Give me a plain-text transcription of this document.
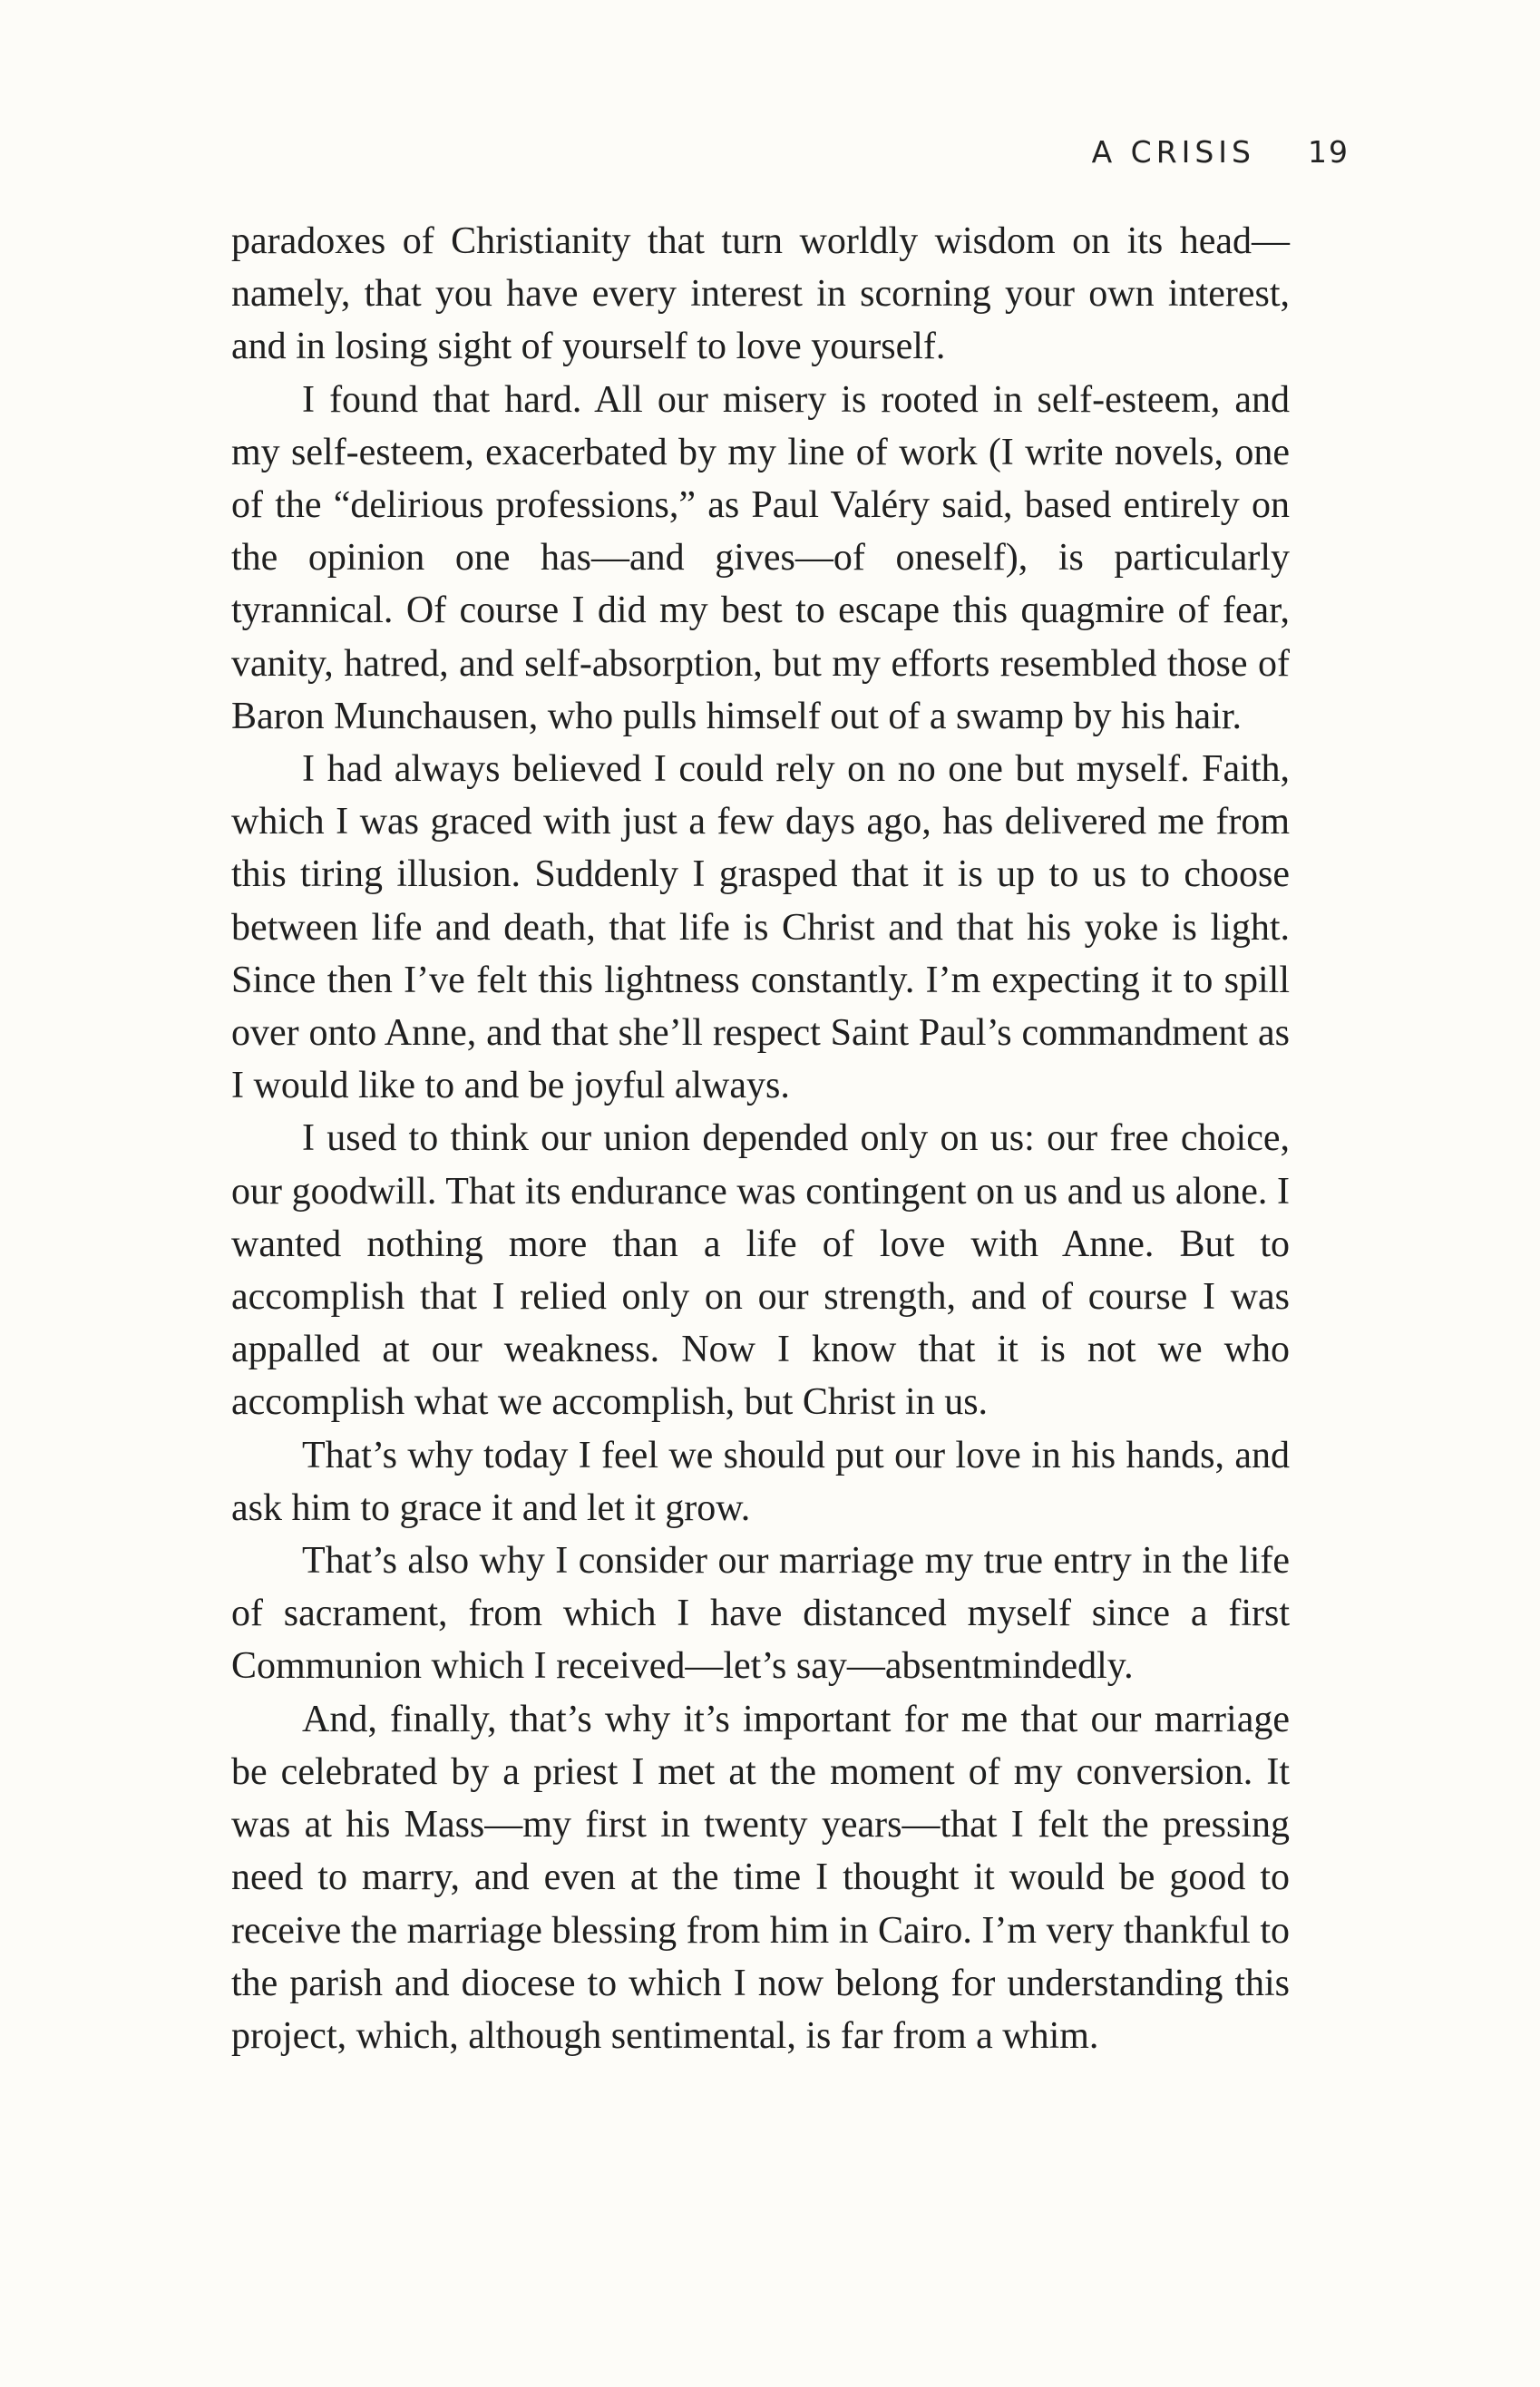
A CRISIS 19

paradoxes of Christianity that turn worldly wisdom on its head—namely, that you have every interest in scorning your own interest, and in losing sight of yourself to love yourself.

I found that hard. All our misery is rooted in self-esteem, and my self-esteem, exacerbated by my line of work (I write novels, one of the “delirious professions,” as Paul Valéry said, based entirely on the opinion one has—and gives—of oneself), is particularly tyrannical. Of course I did my best to escape this quagmire of fear, vanity, hatred, and self-absorption, but my efforts resembled those of Baron Munchausen, who pulls himself out of a swamp by his hair.

I had always believed I could rely on no one but myself. Faith, which I was graced with just a few days ago, has delivered me from this tiring illusion. Suddenly I grasped that it is up to us to choose between life and death, that life is Christ and that his yoke is light. Since then I’ve felt this lightness constantly. I’m expecting it to spill over onto Anne, and that she’ll respect Saint Paul’s commandment as I would like to and be joyful always.

I used to think our union depended only on us: our free choice, our goodwill. That its endurance was contingent on us and us alone. I wanted nothing more than a life of love with Anne. But to accomplish that I relied only on our strength, and of course I was appalled at our weakness. Now I know that it is not we who accomplish what we accomplish, but Christ in us.

That’s why today I feel we should put our love in his hands, and ask him to grace it and let it grow.

That’s also why I consider our marriage my true entry in the life of sacrament, from which I have distanced myself since a first Communion which I received—let’s say—absentmindedly.

And, finally, that’s why it’s important for me that our marriage be celebrated by a priest I met at the moment of my conversion. It was at his Mass—my first in twenty years—that I felt the pressing need to marry, and even at the time I thought it would be good to receive the marriage blessing from him in Cairo. I’m very thankful to the parish and diocese to which I now belong for understanding this project, which, although sentimental, is far from a whim.
